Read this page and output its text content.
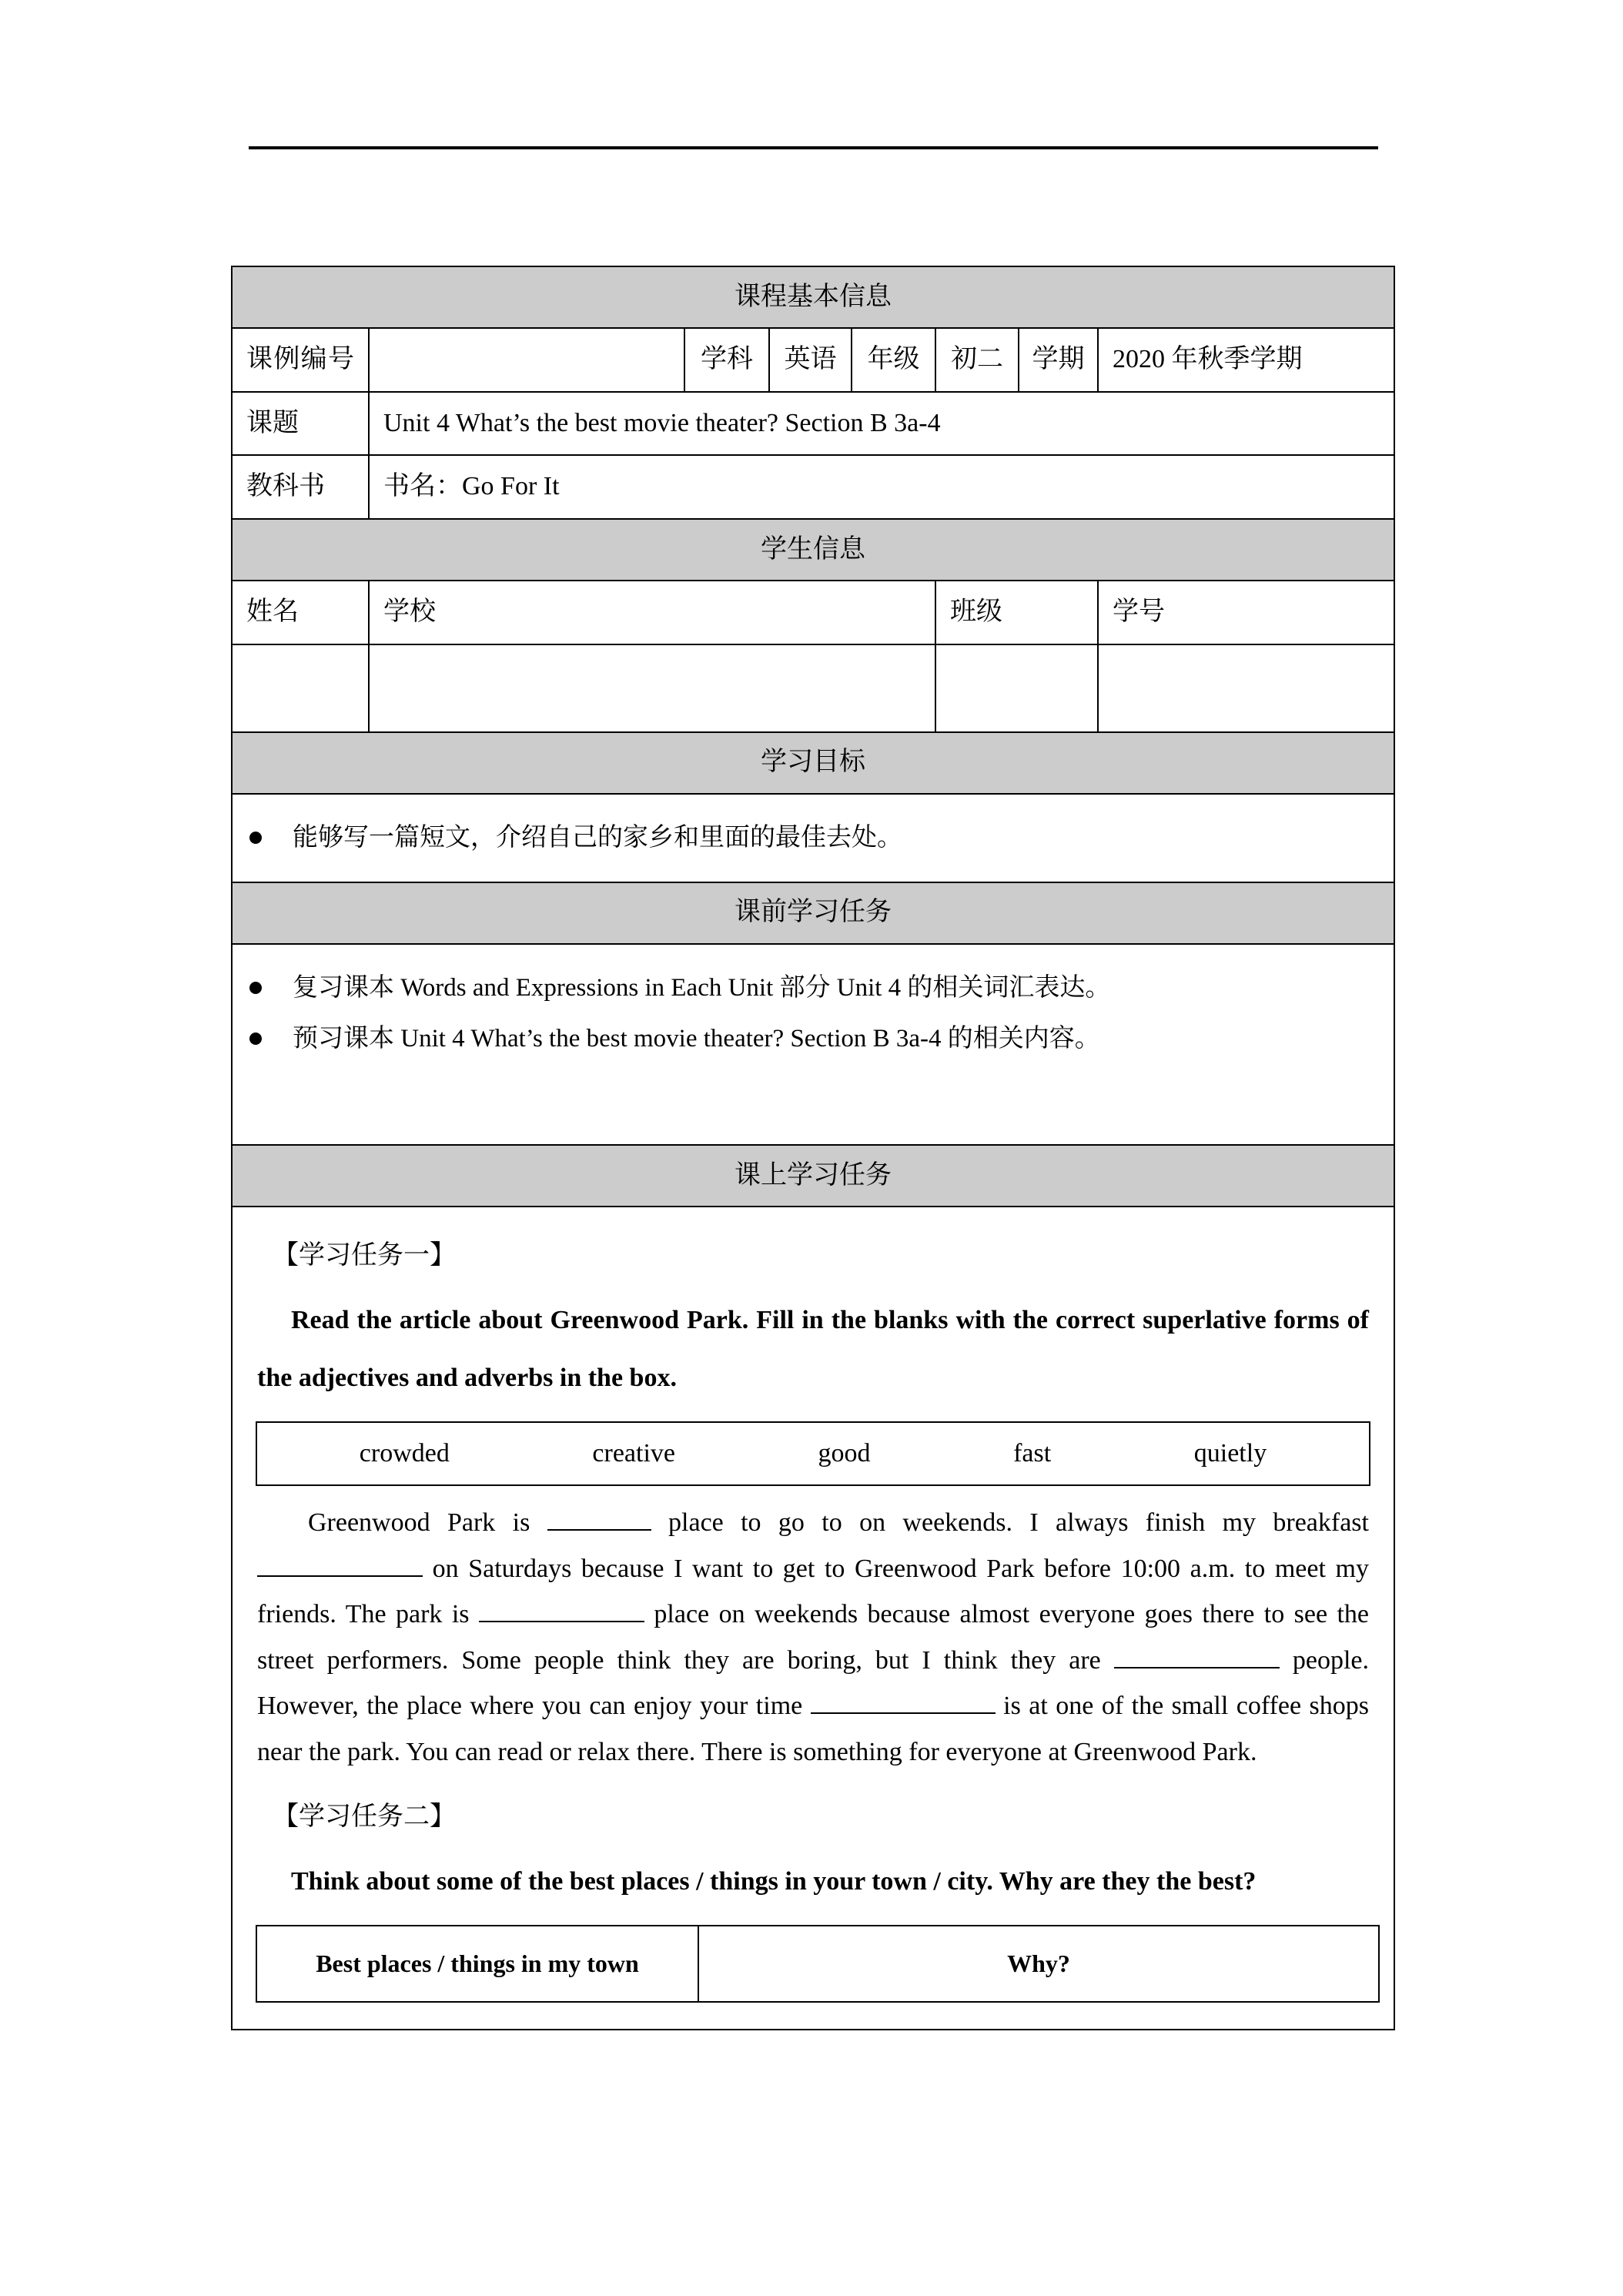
课程基本信息
课例编号		学科	英语	年级	初二	学期	2020 年秋季学期
课题	Unit 4 What’s the best movie theater? Section B 3a-4
教科书	书名：Go For It
学生信息
姓名	学校	班级	学号

学习目标

能够写一篇短文，介绍自己的家乡和里面的最佳去处。

课前学习任务

复习课本 Words and Expressions in Each Unit 部分 Unit 4 的相关词汇表达。
预习课本 Unit 4 What’s the best movie theater? Section B 3a-4 的相关内容。

课上学习任务

【学习任务一】
Read the article about Greenwood Park. Fill in the blanks with the correct superlative forms of the adjectives and adverbs in the box.
crowded	creative	good	fast	quietly
Greenwood Park is	place to go to on weekends. I always finish my breakfast  on Saturdays because I want to get to Greenwood Park before 10:00 a.m. to meet my friends. The park is	place on weekends because almost everyone goes there to see the street performers. Some people think they are boring, but I think they are	people. However, the place where you can enjoy your time	is at one of the small coffee shops near the park. You can read or relax there. There is something for everyone at Greenwood Park.
【学习任务二】
Think about some of the best places / things in your town / city. Why are they the best?
Best places / things in my town	Why?
